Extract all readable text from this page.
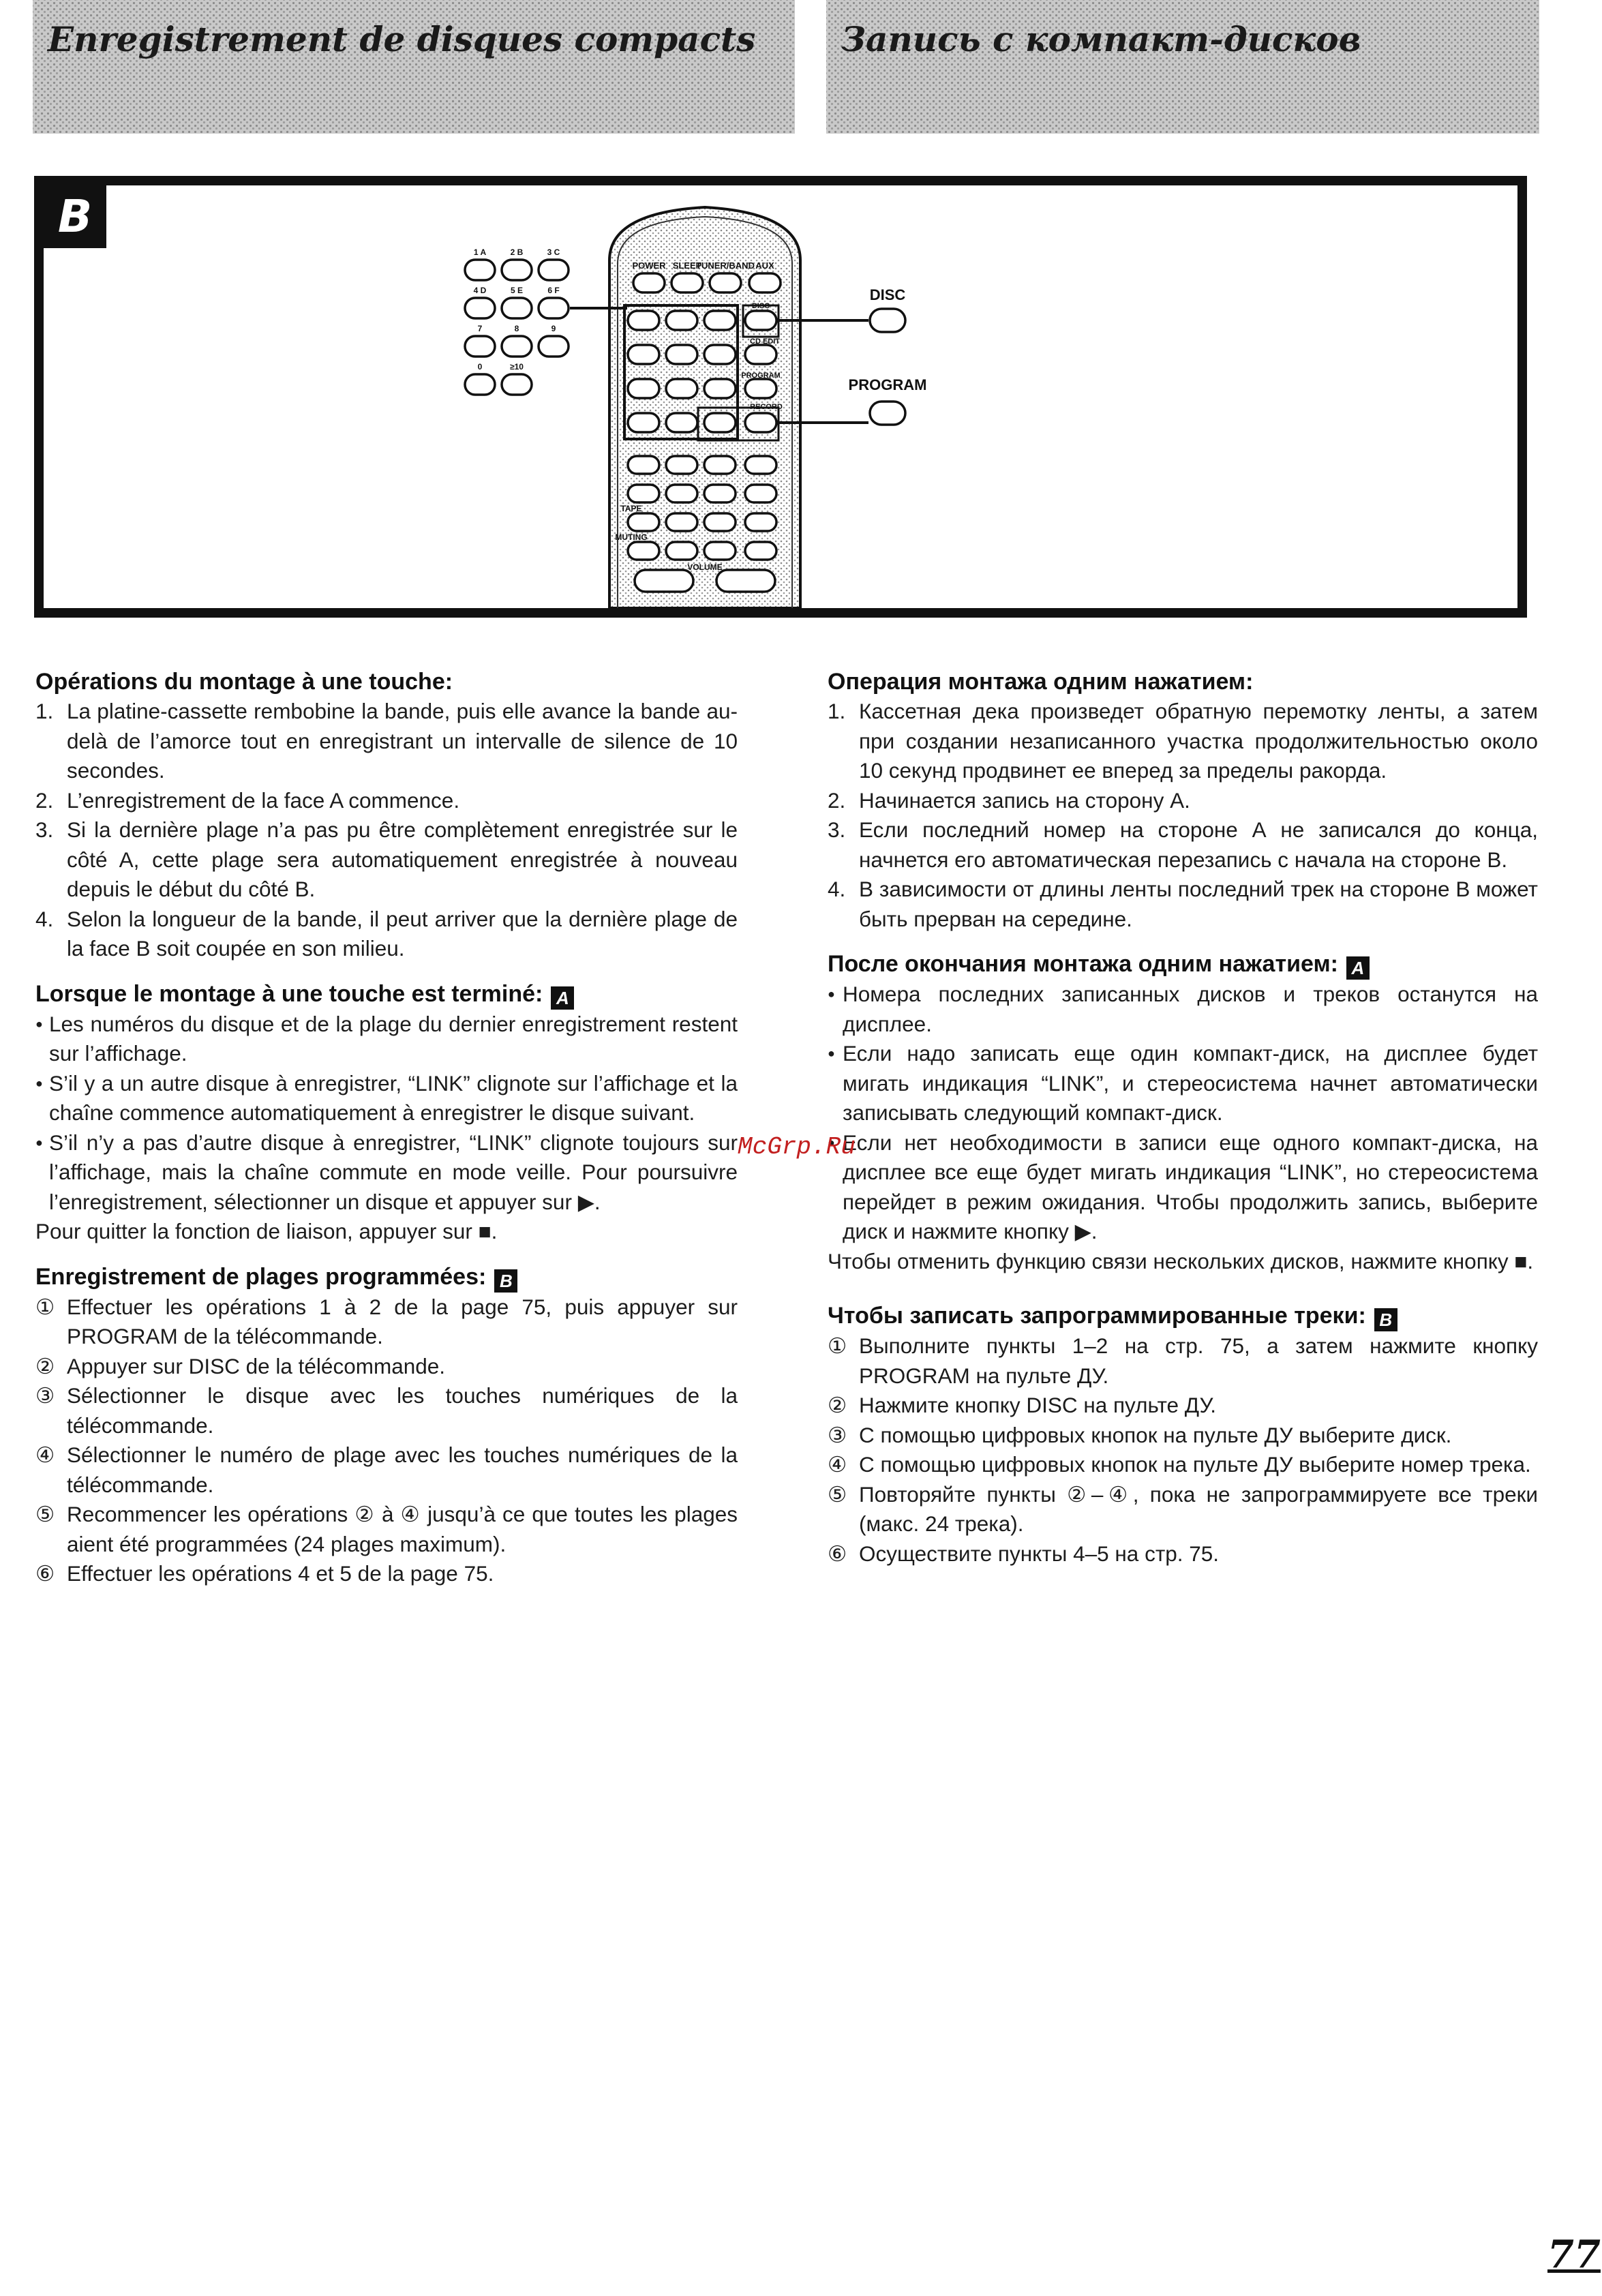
Enregistrement de disques compacts	Запись с компакт-дисков
B
POWER SLEEP
TUNER/BAND AUX
DISC
CD EDIT
PROGRAM
RECORD
TAPE
MUTING
VOLUME
1 A	2 B	3 C
4 D	5 E	6 F
7	8	9
0	≥10
DISC
PROGRAM
Opérations du montage à une touche:
1. La platine-cassette rembobine la bande, puis elle avance la bande au-delà de l’amorce tout en enregistrant un intervalle de silence de 10 secondes.
2. L’enregistrement de la face A commence.
3. Si la dernière plage n’a pas pu être complètement enregistrée sur le côté A, cette plage sera automatiquement enregistrée à nouveau depuis le début du côté B.
4. Selon la longueur de la bande, il peut arriver que la dernière plage de la face B soit coupée en son milieu.
Lorsque le montage à une touche est terminé: A
● Les numéros du disque et de la plage du dernier enregistrement restent sur l’affichage.
● S’il y a un autre disque à enregistrer, “LINK” clignote sur l’affichage et la chaîne commence automatiquement à enregistrer le disque suivant.
● S’il n’y a pas d’autre disque à enregistrer, “LINK” clignote toujours sur l’affichage, mais la chaîne commute en mode veille. Pour poursuivre l’enregistrement, sélectionner un disque et appuyer sur ▶.
Pour quitter la fonction de liaison, appuyer sur ■.
Enregistrement de plages programmées: B
① Effectuer les opérations 1 à 2 de la page 75, puis appuyer sur PROGRAM de la télécommande.
② Appuyer sur DISC de la télécommande.
③ Sélectionner le disque avec les touches numériques de la télécommande.
④ Sélectionner le numéro de plage avec les touches numériques de la télécommande.
⑤ Recommencer les opérations ② à ④ jusqu’à ce que toutes les plages aient été programmées (24 plages maximum).
⑥ Effectuer les opérations 4 et 5 de la page 75.
Операция монтажа одним нажатием:
1. Кассетная дека произведет обратную перемотку ленты, а затем при создании незаписанного участка продолжительностью около 10 секунд продвинет ее вперед за пределы ракорда.
2. Начинается запись на сторону А.
3. Если последний номер на стороне А не записался до конца, начнется его автоматическая перезапись с начала на стороне В.
4. В зависимости от длины ленты последний трек на стороне В может быть прерван на середине.
После окончания монтажа одним нажатием: A
● Номера последних записанных дисков и треков останутся на дисплее.
● Если надо записать еще один компакт-диск, на дисплее будет мигать индикация “LINK”, и стереосистема начнет автоматически записывать следующий компакт-диск.
● Если нет необходимости в записи еще одного компакт-диска, на дисплее все еще будет мигать индикация “LINK”, но стереосистема перейдет в режим ожидания. Чтобы продолжить запись, выберите диск и нажмите кнопку ▶.
Чтобы отменить функцию связи нескольких дисков, нажмите кнопку ■.
Чтобы записать запрограммированные треки: B
① Выполните пункты 1–2 на стр. 75, а затем нажмите кнопку PROGRAM на пульте ДУ.
② Нажмите кнопку DISC на пульте ДУ.
③ С помощью цифровых кнопок на пульте ДУ выберите диск.
④ С помощью цифровых кнопок на пульте ДУ выберите номер трека.
⑤ Повторяйте пункты ②–④, пока не запрограммируете все треки (макс. 24 трека).
⑥ Осуществите пункты 4–5 на стр. 75.
McGrp.Ru
77
